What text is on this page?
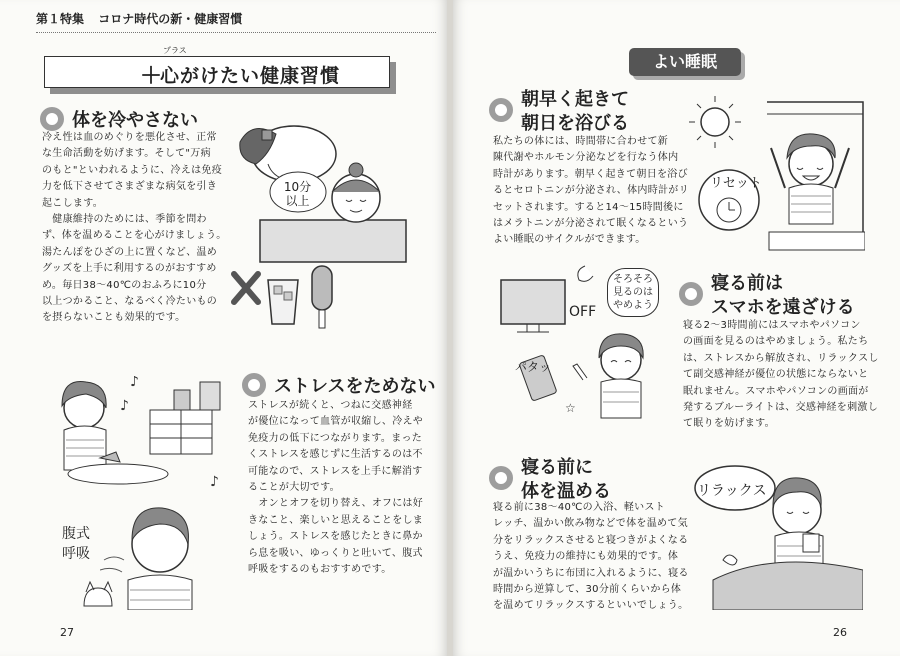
第１特集 コロナ時代の新・健康習慣
＋
プラス
心がけたい健康習慣
体を冷やさない
冷え性は血のめぐりを悪化させ、正常
な生命活動を妨げます。そして"万病
のもと"といわれるように、冷えは免疫
力を低下させてさまざまな病気を引き
起こします。
　健康維持のためには、季節を問わ
ず、体を温めることを心がけましょう。
湯たんぽをひざの上に置くなど、温め
グッズを上手に利用するのがおすすめ
め。毎日38～40℃のおふろに10分
以上つかること、なるべく冷たいもの
を摂らないことも効果的です。
10分
以上
ストレスをためない
ストレスが続くと、つねに交感神経
が優位になって血管が収縮し、冷えや
免疫力の低下につながります。まった
くストレスを感じずに生活するのは不
可能なので、ストレスを上手に解消す
ることが大切です。
　オンとオフを切り替え、オフには好
きなこと、楽しいと思えることをしま
しょう。ストレスを感じたときに鼻か
ら息を吸い、ゆっくりと吐いて、腹式
呼吸をするのもおすすめです。
♪
♪
♪
腹式
呼吸
27
よい睡眠
朝早く起きて
朝日を浴びる
私たちの体には、時間帯に合わせて新
陳代謝やホルモン分泌などを行なう体内
時計があります。朝早く起きて朝日を浴び
るとセロトニンが分泌され、体内時計がリ
セットされます。すると14～15時間後に
はメラトニンが分泌されて眠くなるという
よい睡眠のサイクルができます。
リセット
寝る前は
スマホを遠ざける
寝る2～3時間前にはスマホやパソコン
の画面を見るのはやめましょう。私たち
は、ストレスから解放され、リラックスし
て副交感神経が優位の状態にならないと
眠れません。スマホやパソコンの画面が
発するブルーライトは、交感神経を刺激し
て眠りを妨げます。
☆
OFF
パタッ
そろそろ
見るのは
やめよう
寝る前に
体を温める
寝る前に38～40℃の入浴、軽いスト
レッチ、温かい飲み物などで体を温めて気
分をリラックスさせると寝つきがよくなる
うえ、免疫力の維持にも効果的です。体
が温かいうちに布団に入れるように、寝る
時間から逆算して、30分前くらいから体
を温めてリラックスするといいでしょう。
リラックス
26
